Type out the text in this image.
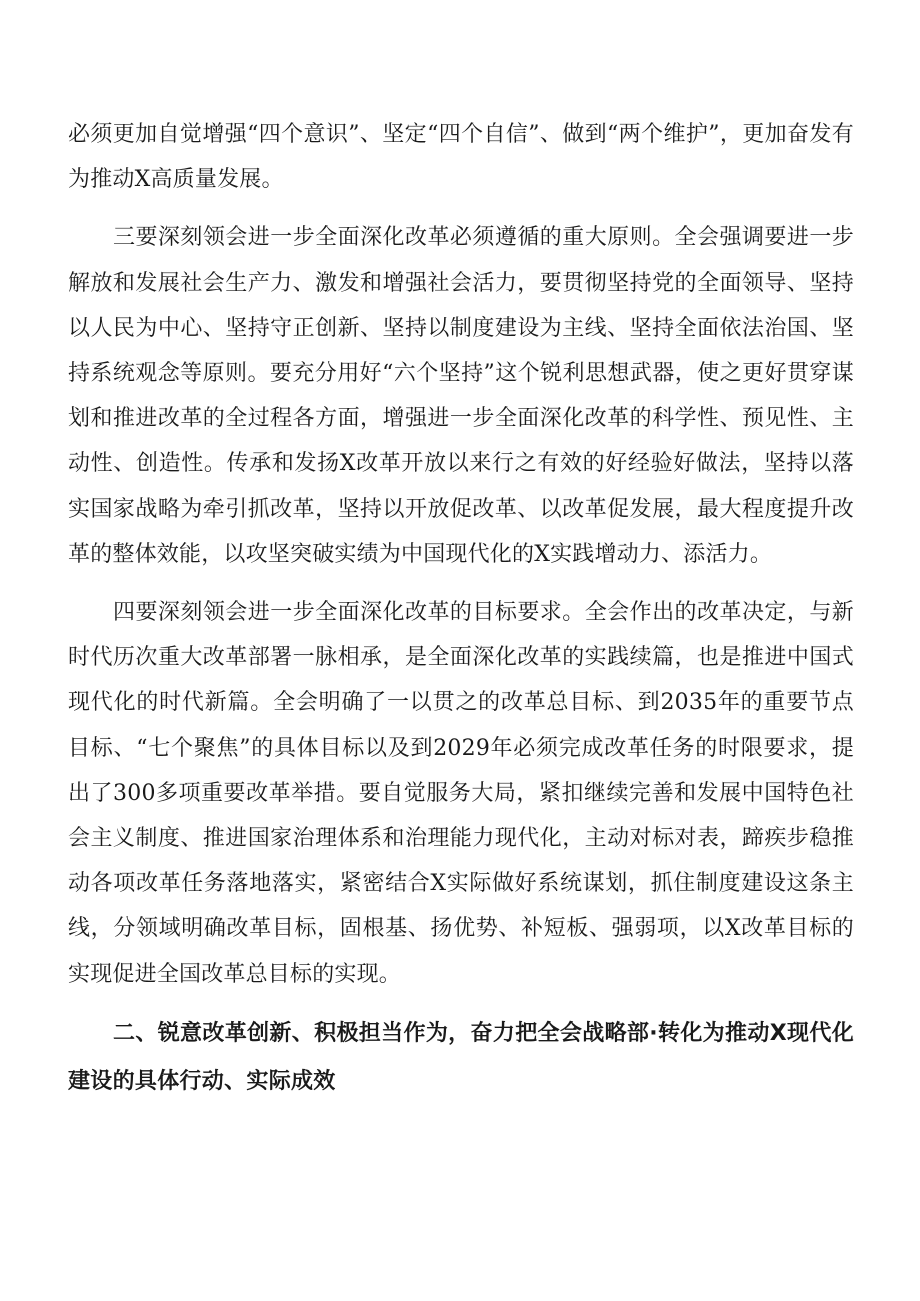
必须更加自觉增强“四个意识”、坚定“四个自信”、做到“两个维护”，更加奋发有为推动X高质量发展。

三要深刻领会进一步全面深化改革必须遵循的重大原则。全会强调要进一步解放和发展社会生产力、激发和增强社会活力，要贯彻坚持党的全面领导、坚持以人民为中心、坚持守正创新、坚持以制度建设为主线、坚持全面依法治国、坚持系统观念等原则。要充分用好“六个坚持”这个锐利思想武器，使之更好贯穿谋划和推进改革的全过程各方面，增强进一步全面深化改革的科学性、预见性、主动性、创造性。传承和发扬X改革开放以来行之有效的好经验好做法，坚持以落实国家战略为牵引抓改革，坚持以开放促改革、以改革促发展，最大程度提升改革的整体效能，以攻坚突破实绩为中国现代化的X实践增动力、添活力。

四要深刻领会进一步全面深化改革的目标要求。全会作出的改革决定，与新时代历次重大改革部署一脉相承，是全面深化改革的实践续篇，也是推进中国式现代化的时代新篇。全会明确了一以贯之的改革总目标、到2035年的重要节点目标、“七个聚焦”的具体目标以及到2029年必须完成改革任务的时限要求，提出了300多项重要改革举措。要自觉服务大局，紧扣继续完善和发展中国特色社会主义制度、推进国家治理体系和治理能力现代化，主动对标对表，蹄疾步稳推动各项改革任务落地落实，紧密结合X实际做好系统谋划，抓住制度建设这条主线，分领域明确改革目标，固根基、扬优势、补短板、强弱项，以X改革目标的实现促进全国改革总目标的实现。

二、锐意改革创新、积极担当作为，奋力把全会战略部·转化为推动X现代化建设的具体行动、实际成效
